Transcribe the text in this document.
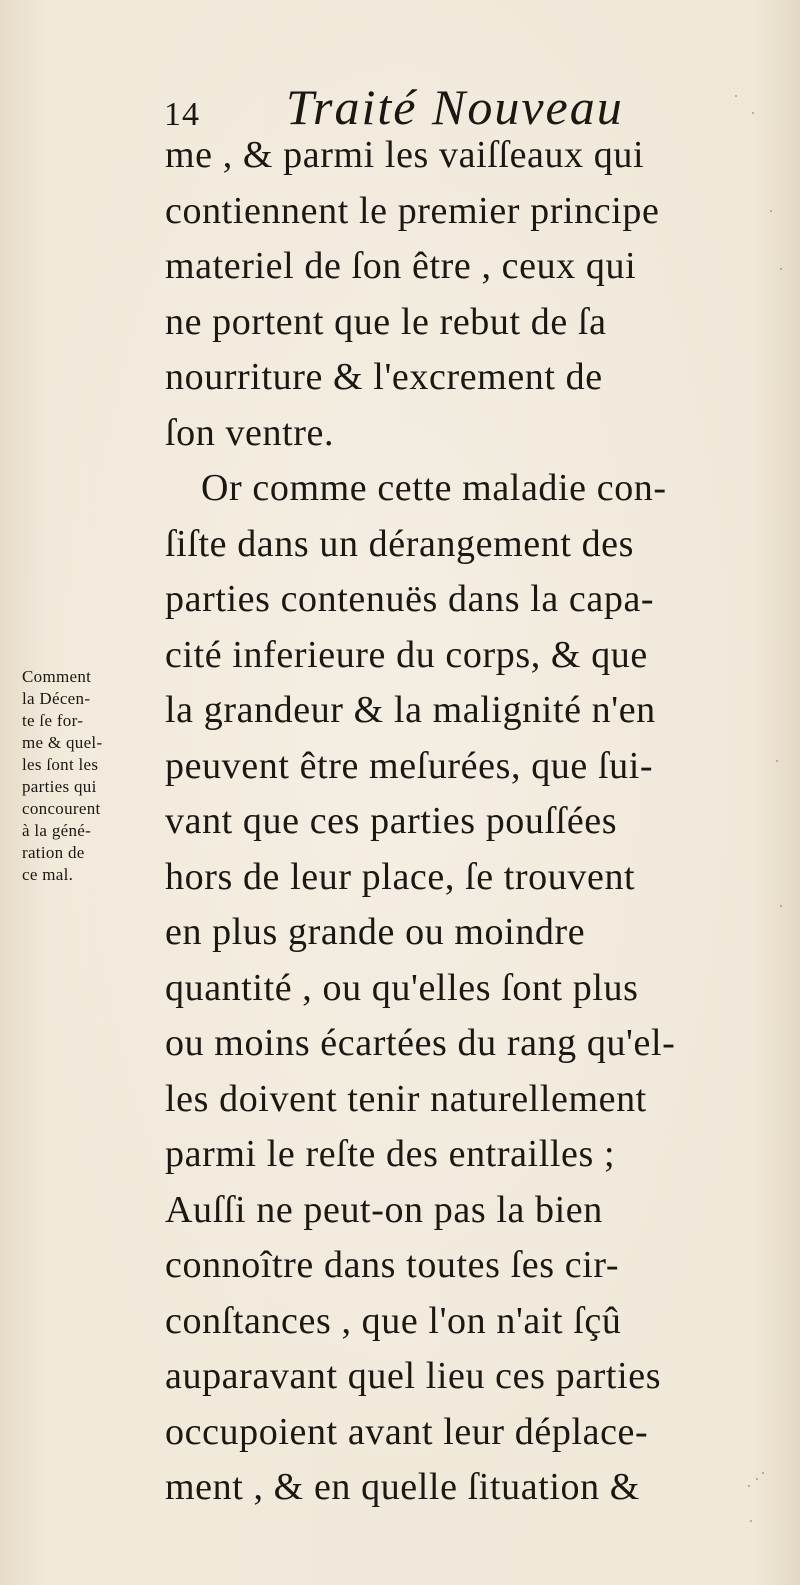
14 Traité Nouveau
me , & parmi les vaiſſeaux qui
contiennent le premier principe
materiel de ſon être , ceux qui
ne portent que le rebut de ſa
nourriture & l'excrement de
ſon ventre.
Or comme cette maladie con-
ſiſte dans un dérangement des
parties contenuës dans la capa-
cité inferieure du corps, & que
la grandeur & la malignité n'en
peuvent être meſurées, que ſui-
vant que ces parties pouſſées
hors de leur place, ſe trouvent
en plus grande ou moindre
quantité , ou qu'elles ſont plus
ou moins écartées du rang qu'el-
les doivent tenir naturellement
parmi le reſte des entrailles ;
Auſſi ne peut-on pas la bien
connoître dans toutes ſes cir-
conſtances , que l'on n'ait ſçû
auparavant quel lieu ces parties
occupoient avant leur déplace-
ment , & en quelle ſituation &
Comment
la Décen-
te ſe for-
me & quel-
les ſont les
parties qui
concourent
à la géné-
ration de
ce mal.
